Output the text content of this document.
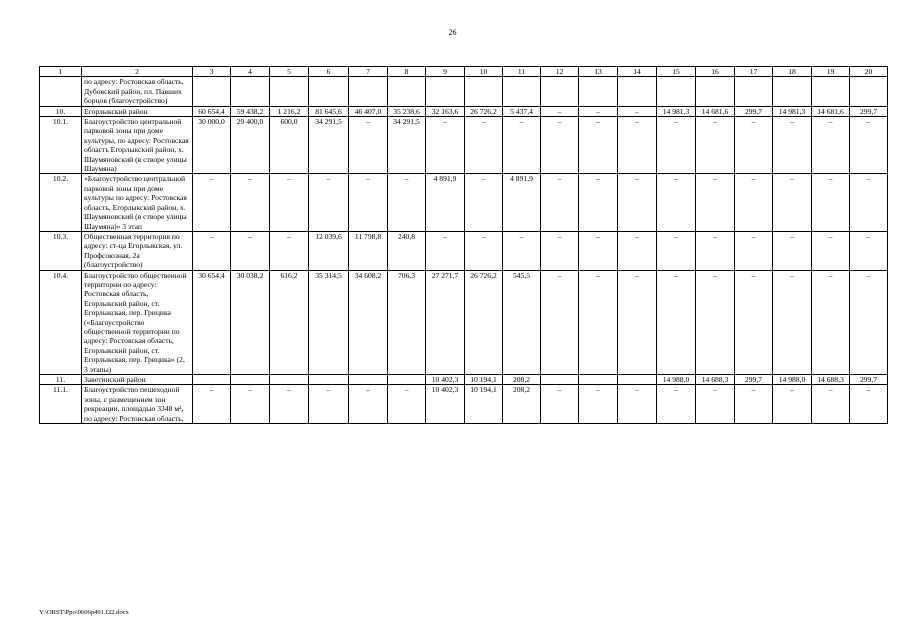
26
1	2	3	4	5	6	7	8	9	10	11	12	13	14	15	16	17	18	19	20
	по адресу: Ростовская область, Дубовский район, пл. Павших борцов (благоустройство)																		
10.	Егорлыкский район	60 654,4	59 438,2	1 216,2	81 645,6	46 407,0	35 238,6	32 163,6	26 726,2	5 437,4	–	–	–	14 981,3	14 681,6	299,7	14 981,3	14 681,6	299,7
10.1.	Благоустройство центральной парковой зоны при доме культуры, по адресу: Ростовская область Егорлыкский район, х. Шаумяновский (в створе улицы Шаумяна)	30 000,0	29 400,0	600,0	34 291,5	–	34 291,5	–	–	–	–	–	–	–	–	–	–	–	–
10.2.	«Благоустройство центральной парковой зоны при доме культуры по адресу: Ростовская область, Егорлыкский район, х. Шаумяновский (в створе улицы Шаумяна)» 3 этап	–	–	–	–	–	–	4 891,9	–	4 891,9	–	–	–	–	–	–	–	–	–
10.3.	Общественная территория по адресу: ст-ца Егорлыкская, ул. Профсоюзная, 2а (благоустройство)	–	–	–	12 039,6	11 798,8	240,8	–	–	–	–	–	–	–	–	–	–	–	–
10.4.	Благоустройство общественной территории по адресу: Ростовская область, Егорлыкский район, ст. Егорлыкская, пер. Грицика («Благоустройство общественной территории по адресу: Ростовская область, Егорлыкский район, ст. Егорлыкская, пер. Грицика» (2, 3 этапы)	30 654,4	30 038,2	616,2	35 314,5	34 608,2	706,3	27 271,7	26 726,2	545,5	–	–	–	–	–	–	–	–	–
11.	Заветинский район							10 402,3	10 194,1	208,2				14 988,0	14 688,3	299,7	14 988,0	14 688,3	299,7
11.1.	Благоустройство пешеходной зоны, с размещением зон рекреации, площадью 3348 м², по адресу: Ростовская область,	–	–	–	–	–	–	10 402,3	10 194,1	208,2	–	–	–	–	–	–	–	–	–
Y:\ORST\Ppo\0606p491.f22.docx
